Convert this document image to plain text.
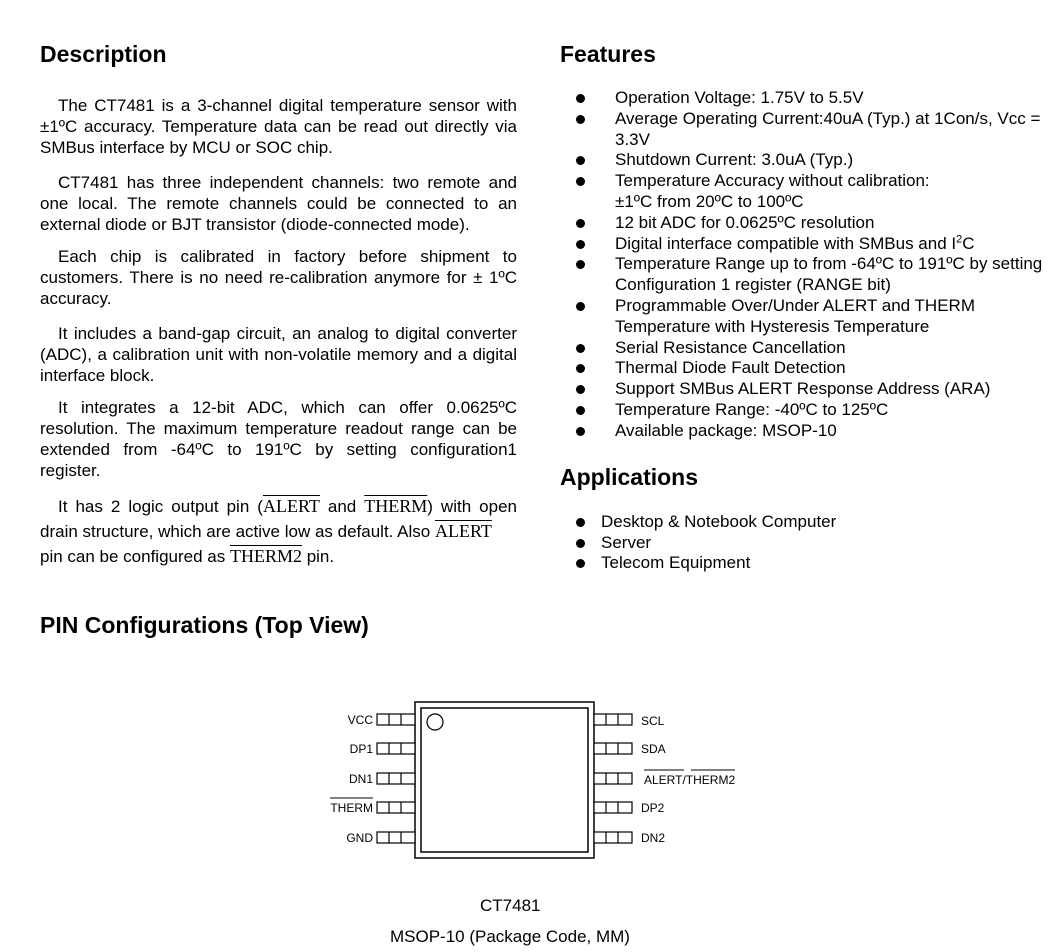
Description

The CT7481 is a 3-channel digital temperature sensor with ±1ºC accuracy. Temperature data can be read out directly via SMBus interface by MCU or SOC chip.

CT7481 has three independent channels: two remote and one local. The remote channels could be connected to an external diode or BJT transistor (diode-connected mode).

Each chip is calibrated in factory before shipment to customers. There is no need re-calibration anymore for ± 1ºC accuracy.

It includes a band-gap circuit, an analog to digital converter (ADC), a calibration unit with non-volatile memory and a digital interface block.

It integrates a 12-bit ADC, which can offer 0.0625ºC resolution. The maximum temperature readout range can be extended from -64ºC to 191ºC by setting configuration1 register.

It has 2 logic output pin (ALERT and THERM) with open drain structure, which are active low as default. Also ALERT
pin can be configured as THERM2 pin.

Features
Operation Voltage: 1.75V to 5.5V
Average Operating Current:40uA (Typ.) at 1Con/s, Vcc = 3.3V
Shutdown Current: 3.0uA (Typ.)
Temperature Accuracy without calibration:
±1ºC from 20ºC to 100ºC
12 bit ADC for 0.0625ºC resolution
Digital interface compatible with SMBus and $I^2C$
Temperature Range up to from -64ºC to 191ºC by setting Configuration 1 register (RANGE bit)
Programmable Over/Under ALERT and THERM Temperature with Hysteresis Temperature
Serial Resistance Cancellation
Thermal Diode Fault Detection
Support SMBus ALERT Response Address (ARA)
Temperature Range: -40ºC to 125ºC
Available package: MSOP-10
Applications
Desktop & Notebook Computer
Server
Telecom Equipment
PIN Configurations (Top View)
VCC
DP1
DN1
THERM
GND
SCL
SDA
ALERT/THERM2
DP2
DN2
CT7481
MSOP-10 (Package Code, MM)
